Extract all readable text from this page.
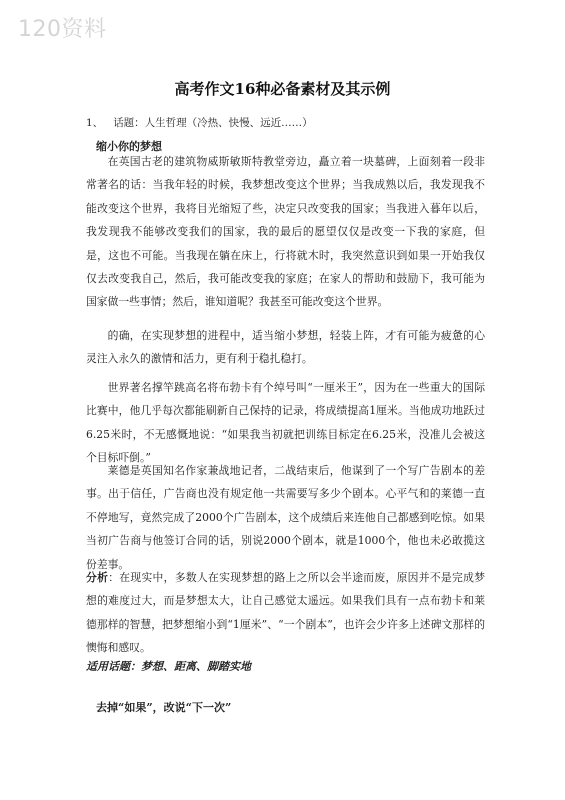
120资料
高考作文16种必备素材及其示例
1、 话题：人生哲理（冷热、快慢、远近……）
缩小你的梦想

在英国古老的建筑物威斯敏斯特教堂旁边，矗立着一块墓碑，上面刻着一段非常著名的话：当我年轻的时候，我梦想改变这个世界；当我成熟以后，我发现我不能改变这个世界，我将目光缩短了些，决定只改变我的国家；当我进入暮年以后，我发现我不能够改变我们的国家，我的最后的愿望仅仅是改变一下我的家庭，但是，这也不可能。当我现在躺在床上，行将就木时，我突然意识到如果一开始我仅仅去改变我自己，然后，我可能改变我的家庭；在家人的帮助和鼓励下，我可能为国家做一些事情；然后，谁知道呢？我甚至可能改变这个世界。

的确，在实现梦想的进程中，适当缩小梦想，轻装上阵，才有可能为疲惫的心灵注入永久的激情和活力，更有利于稳扎稳打。

世界著名撑竿跳高名将布勃卡有个绰号叫“一厘米王”，因为在一些重大的国际比赛中，他几乎每次都能刷新自己保持的记录，将成绩提高1厘米。当他成功地跃过6.25米时，不无感慨地说：“如果我当初就把训练目标定在6.25米，没准儿会被这个目标吓倒。”

莱德是英国知名作家兼战地记者，二战结束后，他谋到了一个写广告剧本的差事。出于信任，广告商也没有规定他一共需要写多少个剧本。心平气和的莱德一直不停地写，竟然完成了2000个广告剧本，这个成绩后来连他自己都感到吃惊。如果当初广告商与他签订合同的话，别说2000个剧本，就是1000个，他也未必敢揽这份差事。

分析：在现实中，多数人在实现梦想的路上之所以会半途而废，原因并不是完成梦想的难度过大，而是梦想太大，让自己感觉太遥远。如果我们具有一点布勃卡和莱德那样的智慧，把梦想缩小到“1厘米”、“一个剧本”，也许会少许多上述碑文那样的懊悔和感叹。

适用话题：梦想、距离、脚踏实地
去掉“如果”，改说“下一次”
